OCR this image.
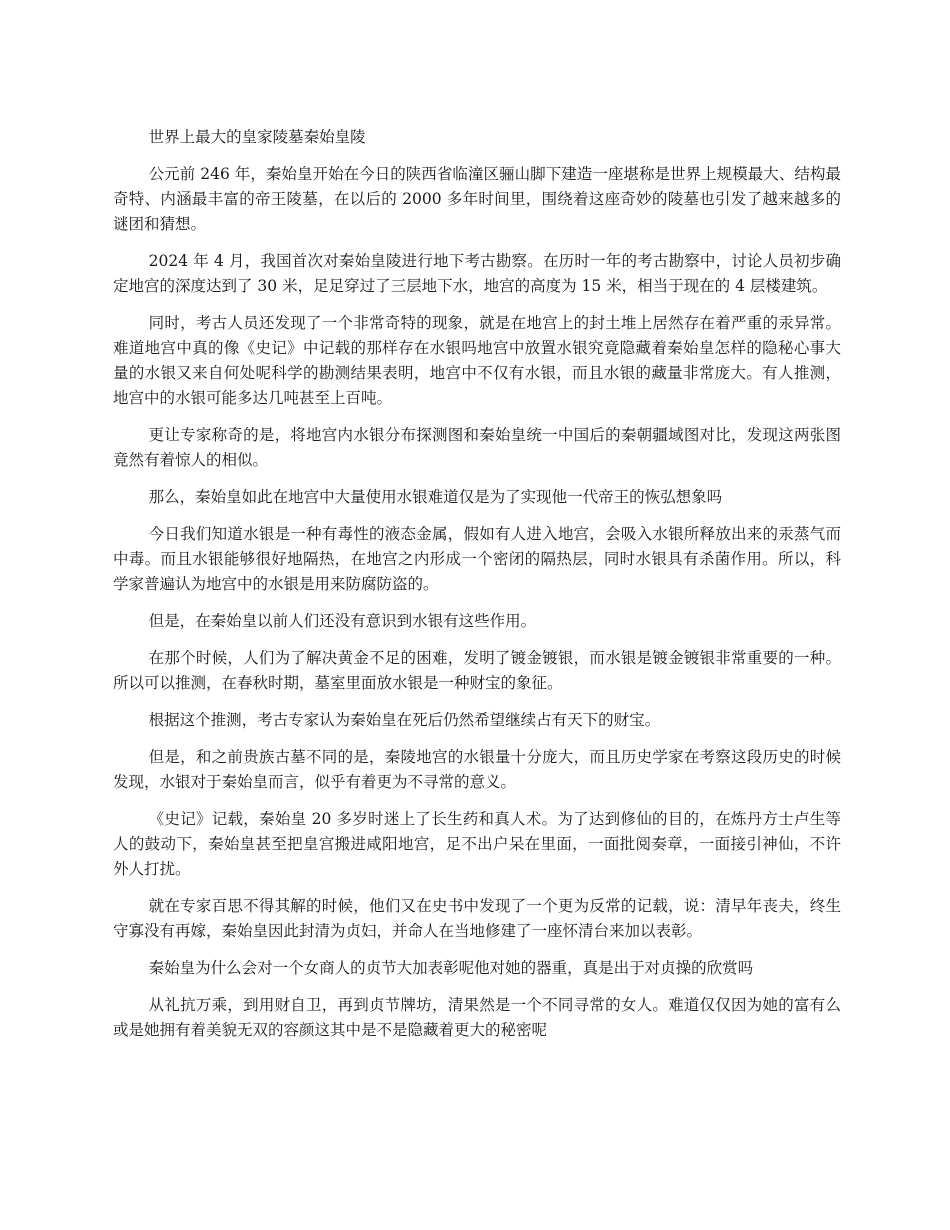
世界上最大的皇家陵墓秦始皇陵

公元前 246 年，秦始皇开始在今日的陕西省临潼区骊山脚下建造一座堪称是世界上规模最大、结构最奇特、内涵最丰富的帝王陵墓，在以后的 2000 多年时间里，围绕着这座奇妙的陵墓也引发了越来越多的谜团和猜想。

2024 年 4 月，我国首次对秦始皇陵进行地下考古勘察。在历时一年的考古勘察中，讨论人员初步确定地宫的深度达到了 30 米，足足穿过了三层地下水，地宫的高度为 15 米，相当于现在的 4 层楼建筑。

同时，考古人员还发现了一个非常奇特的现象，就是在地宫上的封土堆上居然存在着严重的汞异常。难道地宫中真的像《史记》中记载的那样存在水银吗地宫中放置水银究竟隐藏着秦始皇怎样的隐秘心事大量的水银又来自何处呢科学的勘测结果表明，地宫中不仅有水银，而且水银的藏量非常庞大。有人推测，地宫中的水银可能多达几吨甚至上百吨。

更让专家称奇的是，将地宫内水银分布探测图和秦始皇统一中国后的秦朝疆域图对比，发现这两张图竟然有着惊人的相似。

那么，秦始皇如此在地宫中大量使用水银难道仅是为了实现他一代帝王的恢弘想象吗

今日我们知道水银是一种有毒性的液态金属，假如有人进入地宫，会吸入水银所释放出来的汞蒸气而中毒。而且水银能够很好地隔热，在地宫之内形成一个密闭的隔热层，同时水银具有杀菌作用。所以，科学家普遍认为地宫中的水银是用来防腐防盗的。

但是，在秦始皇以前人们还没有意识到水银有这些作用。

在那个时候，人们为了解决黄金不足的困难，发明了镀金镀银，而水银是镀金镀银非常重要的一种。所以可以推测，在春秋时期，墓室里面放水银是一种财宝的象征。

根据这个推测，考古专家认为秦始皇在死后仍然希望继续占有天下的财宝。

但是，和之前贵族古墓不同的是，秦陵地宫的水银量十分庞大，而且历史学家在考察这段历史的时候发现，水银对于秦始皇而言，似乎有着更为不寻常的意义。

《史记》记载，秦始皇 20 多岁时迷上了长生药和真人术。为了达到修仙的目的，在炼丹方士卢生等人的鼓动下，秦始皇甚至把皇宫搬进咸阳地宫，足不出户呆在里面，一面批阅奏章，一面接引神仙，不许外人打扰。

就在专家百思不得其解的时候，他们又在史书中发现了一个更为反常的记载，说：清早年丧夫，终生守寡没有再嫁，秦始皇因此封清为贞妇，并命人在当地修建了一座怀清台来加以表彰。

秦始皇为什么会对一个女商人的贞节大加表彰呢他对她的器重，真是出于对贞操的欣赏吗

从礼抗万乘，到用财自卫，再到贞节牌坊，清果然是一个不同寻常的女人。难道仅仅因为她的富有么或是她拥有着美貌无双的容颜这其中是不是隐藏着更大的秘密呢
